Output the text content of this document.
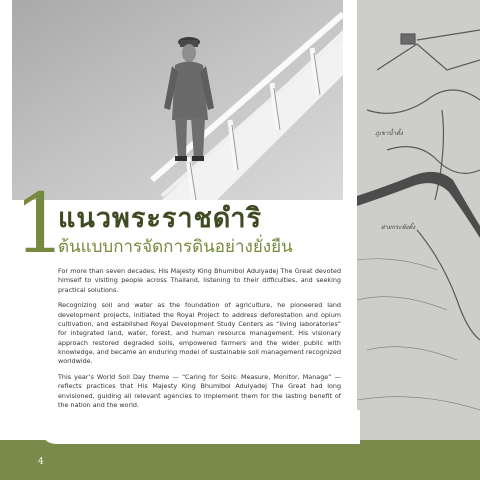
ภูเขาน้ำตั้ง
ฝายกระพังตั้ง
1
แนวพระราชดำริ
ต้นแบบการจัดการดินอย่างยั่งยืน

For more than seven decades, His Majesty King Bhumibol Adulyadej The Great devoted himself to visiting people across Thailand, listening to their difficulties, and seeking practical solutions.

Recognizing soil and water as the foundation of agriculture, he pioneered land development projects, initiated the Royal Project to address deforestation and opium cultivation, and established Royal Development Study Centers as “living laboratories” for integrated land, water, forest, and human resource management. His visionary approach restored degraded soils, empowered farmers and the wider public with knowledge, and became an enduring model of sustainable soil management recognized worldwide.

This year’s World Soil Day theme — “Caring for Soils: Measure, Monitor, Manage” — reflects practices that His Majesty King Bhumibol Adulyadej The Great had long envisioned, guiding all relevant agencies to implement them for the lasting benefit of the nation and the world.

4
